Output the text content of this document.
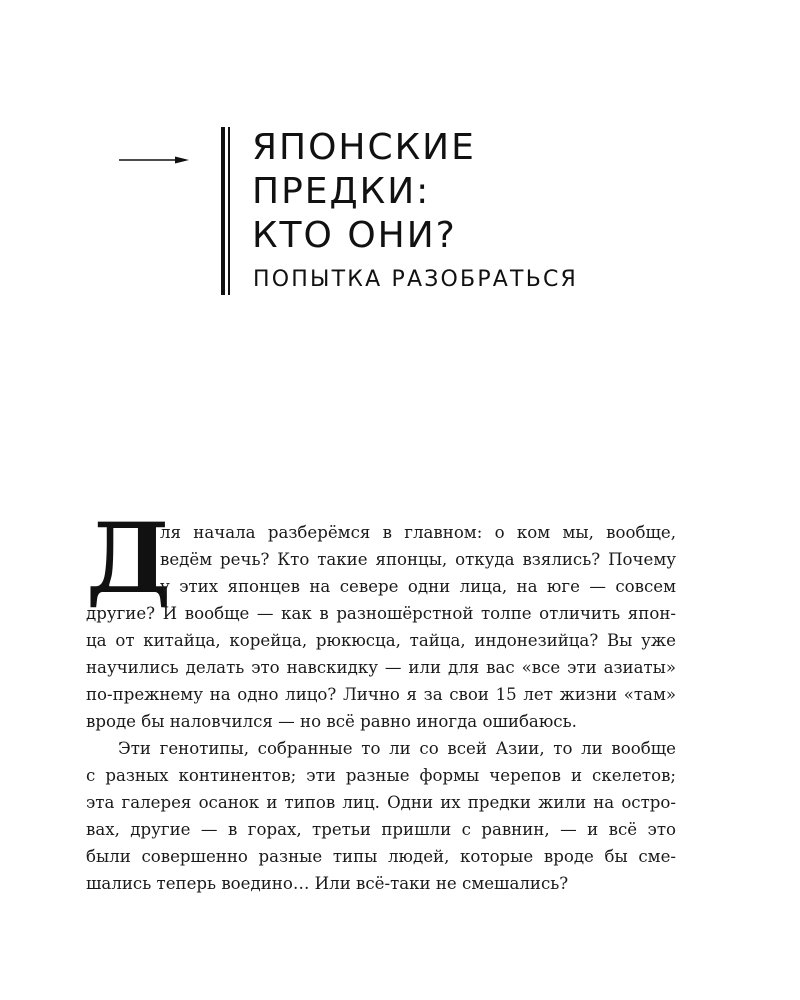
ЯПОНСКИЕ
ПРЕДКИ:
КТО ОНИ?
ПОПЫТКА РАЗОБРАТЬСЯ
Д

ля начала разберёмся в главном: о ком мы, вообще,
ведём речь? Кто такие японцы, откуда взялись? Почему
у этих японцев на севере одни лица, на юге — совсем
другие? И вообще — как в разношёрстной толпе отличить япон-
ца от китайца, корейца, рюкюсца, тайца, индонезийца? Вы уже
научились делать это навскидку — или для вас «все эти азиаты»
по-прежнему на одно лицо? Лично я за свои 15 лет жизни «там»
вроде бы наловчился — но всё равно иногда ошибаюсь.

Эти генотипы, собранные то ли со всей Азии, то ли вообще
с разных континентов; эти разные формы черепов и скелетов;
эта галерея осанок и типов лиц. Одни их предки жили на остро-
вах, другие — в горах, третьи пришли с равнин, — и всё это
были совершенно разные типы людей, которые вроде бы сме-
шались теперь воедино… Или всё-таки не смешались?
